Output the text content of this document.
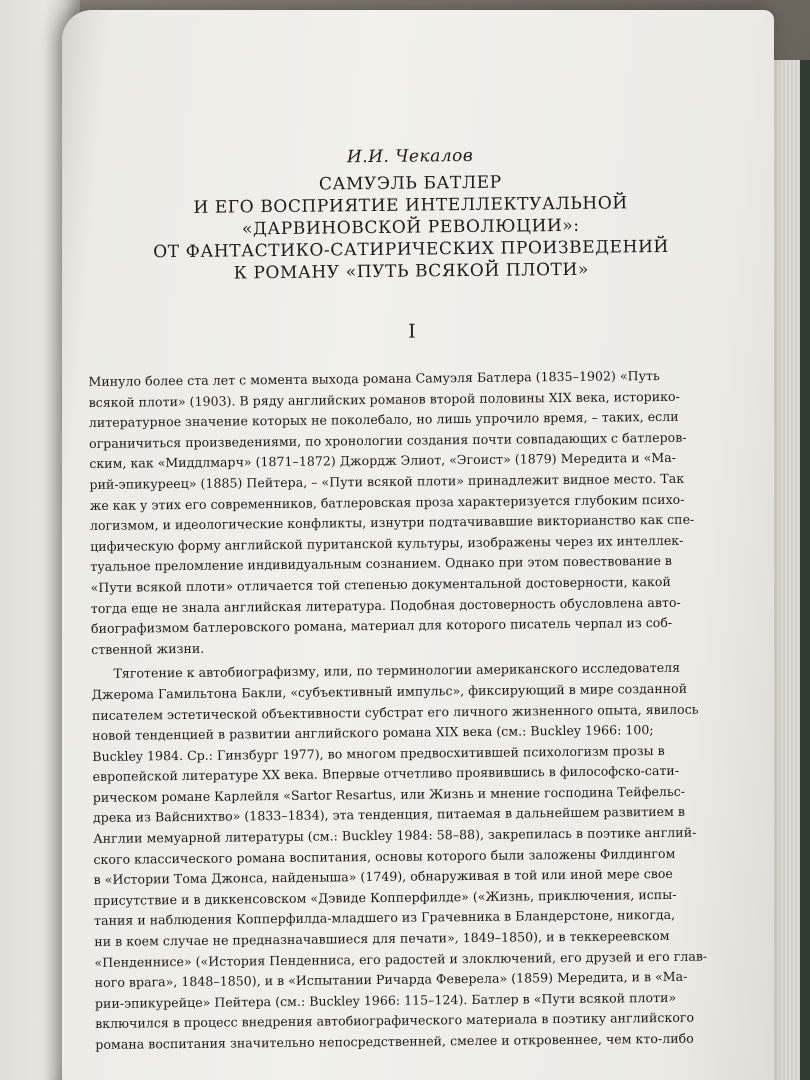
И.И. Чекалов

САМУЭЛЬ БАТЛЕР
И ЕГО ВОСПРИЯТИЕ ИНТЕЛЛЕКТУАЛЬНОЙ
«ДАРВИНОВСКОЙ РЕВОЛЮЦИИ»:
ОТ ФАНТАСТИКО-САТИРИЧЕСКИХ ПРОИЗВЕДЕНИЙ
К РОМАНУ «ПУТЬ ВСЯКОЙ ПЛОТИ»
I

Минуло более ста лет с момента выхода романа Самуэля Батлера (1835–1902) «Путь
всякой плоти» (1903). В ряду английских романов второй половины XIX века, историко-
литературное значение которых не поколебало, но лишь упрочило время, – таких, если
ограничиться произведениями, по хронологии создания почти совпадающих с батлеров-
ским, как «Миддлмарч» (1871–1872) Джордж Элиот, «Эгоист» (1879) Мередита и «Ма-
рий-эпикуреец» (1885) Пейтера, – «Пути всякой плоти» принадлежит видное место. Так
же как у этих его современников, батлеровская проза характеризуется глубоким психо-
логизмом, и идеологические конфликты, изнутри подтачивавшие викторианство как спе-
цифическую форму английской пуританской культуры, изображены через их интеллек-
туальное преломление индивидуальным сознанием. Однако при этом повествование в
«Пути всякой плоти» отличается той степенью документальной достоверности, какой
тогда еще не знала английская литература. Подобная достоверность обусловлена авто-
биографизмом батлеровского романа, материал для которого писатель черпал из соб-
ственной жизни.

Тяготение к автобиографизму, или, по терминологии американского исследователя
Джерома Гамильтона Бакли, «субъективный импульс», фиксирующий в мире созданной
писателем эстетической объективности субстрат его личного жизненного опыта, явилось
новой тенденцией в развитии английского романа XIX века (см.: Buckley 1966: 100;
Buckley 1984. Ср.: Гинзбург 1977), во многом предвосхитившей психологизм прозы в
европейской литературе XX века. Впервые отчетливо проявившись в философско-сати-
рическом романе Карлейля «Sartor Resartus, или Жизнь и мнение господина Тейфельс-
дрека из Вайснихтво» (1833–1834), эта тенденция, питаемая в дальнейшем развитием в
Англии мемуарной литературы (см.: Buckley 1984: 58–88), закрепилась в поэтике англий-
ского классического романа воспитания, основы которого были заложены Филдингом
в «Истории Тома Джонса, найденыша» (1749), обнаруживая в той или иной мере свое
присутствие и в диккенсовском «Дэвиде Копперфилде» («Жизнь, приключения, испы-
тания и наблюдения Копперфилда-младшего из Грачевника в Бландерстоне, никогда,
ни в коем случае не предназначавшиеся для печати», 1849–1850), и в теккереевском
«Пенденнисе» («История Пенденниса, его радостей и злоключений, его друзей и его глав-
ного врага», 1848–1850), и в «Испытании Ричарда Феверела» (1859) Мередита, и в «Ма-
рии-эпикурейце» Пейтера (см.: Buckley 1966: 115–124). Батлер в «Пути всякой плоти»
включился в процесс внедрения автобиографического материала в поэтику английского
романа воспитания значительно непосредственней, смелее и откровеннее, чем кто-либо
